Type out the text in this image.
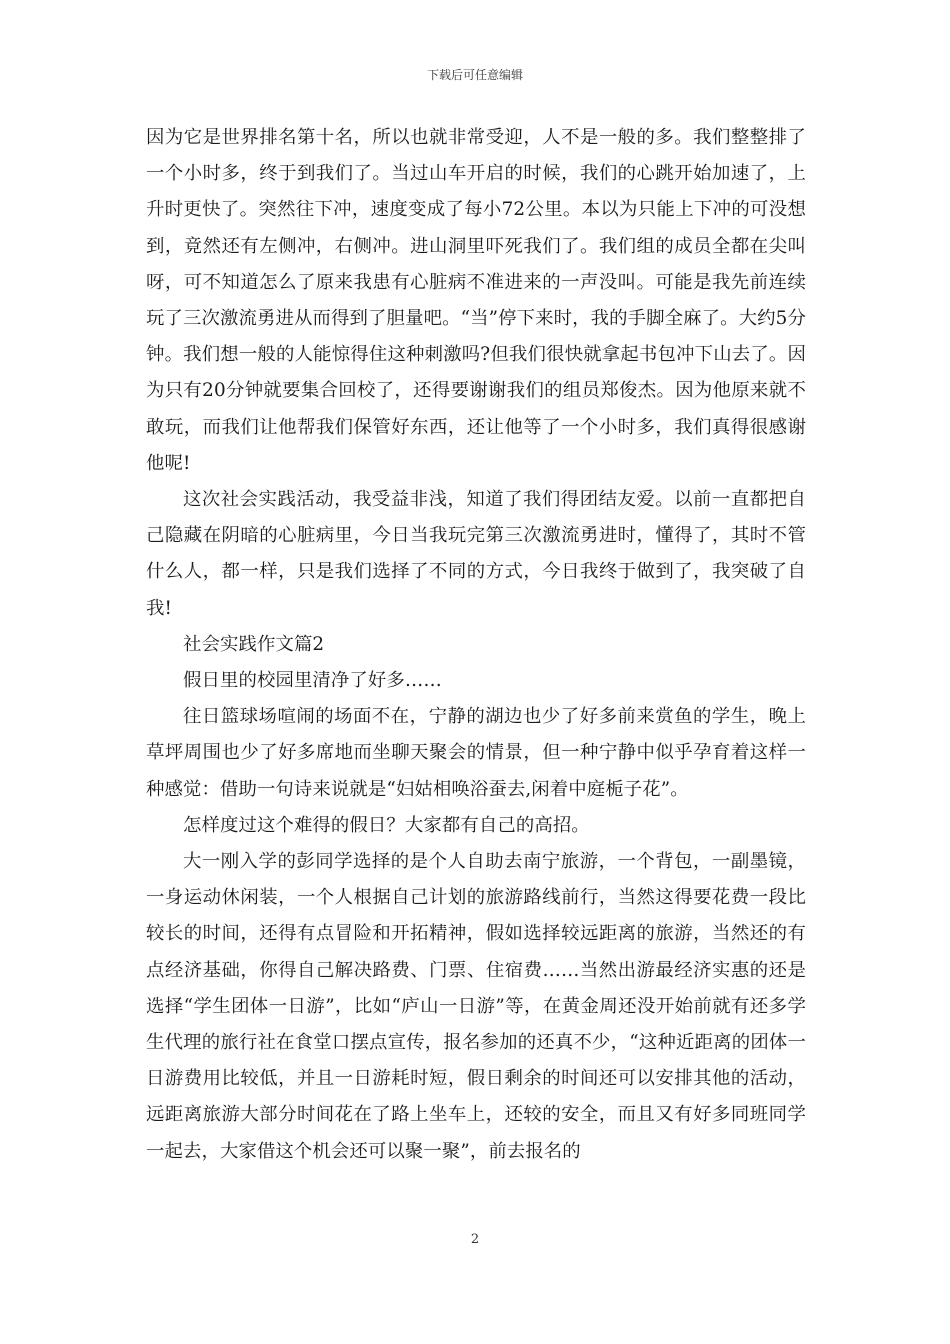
下载后可任意编辑

因为它是世界排名第十名，所以也就非常受迎，人不是一般的多。我们整整排了一个小时多，终于到我们了。当过山车开启的时候，我们的心跳开始加速了，上升时更快了。突然往下冲，速度变成了每小72公里。本以为只能上下冲的可没想到，竟然还有左侧冲，右侧冲。进山洞里吓死我们了。我们组的成员全都在尖叫呀，可不知道怎么了原来我患有心脏病不准进来的一声没叫。可能是我先前连续玩了三次激流勇进从而得到了胆量吧。“当”停下来时，我的手脚全麻了。大约5分钟。我们想一般的人能惊得住这种刺激吗?但我们很快就拿起书包冲下山去了。因为只有20分钟就要集合回校了，还得要谢谢我们的组员郑俊杰。因为他原来就不敢玩，而我们让他帮我们保管好东西，还让他等了一个小时多，我们真得很感谢他呢!

这次社会实践活动，我受益非浅，知道了我们得团结友爱。以前一直都把自己隐藏在阴暗的心脏病里，今日当我玩完第三次激流勇进时，懂得了，其时不管什么人，都一样，只是我们选择了不同的方式，今日我终于做到了，我突破了自我!

社会实践作文篇2

假日里的校园里清净了好多……

往日篮球场喧闹的场面不在，宁静的湖边也少了好多前来赏鱼的学生，晚上草坪周围也少了好多席地而坐聊天聚会的情景，但一种宁静中似乎孕育着这样一种感觉：借助一句诗来说就是“妇姑相唤浴蚕去,闲着中庭栀子花”。

怎样度过这个难得的假日？大家都有自己的高招。

大一刚入学的彭同学选择的是个人自助去南宁旅游，一个背包，一副墨镜，一身运动休闲装，一个人根据自己计划的旅游路线前行，当然这得要花费一段比较长的时间，还得有点冒险和开拓精神，假如选择较远距离的旅游，当然还的有点经济基础，你得自己解决路费、门票、住宿费……当然出游最经济实惠的还是选择“学生团体一日游”，比如“庐山一日游”等，在黄金周还没开始前就有还多学生代理的旅行社在食堂口摆点宣传，报名参加的还真不少，“这种近距离的团体一日游费用比较低，并且一日游耗时短，假日剩余的时间还可以安排其他的活动，远距离旅游大部分时间花在了路上坐车上，还较的安全，而且又有好多同班同学一起去，大家借这个机会还可以聚一聚”，前去报名的

2
